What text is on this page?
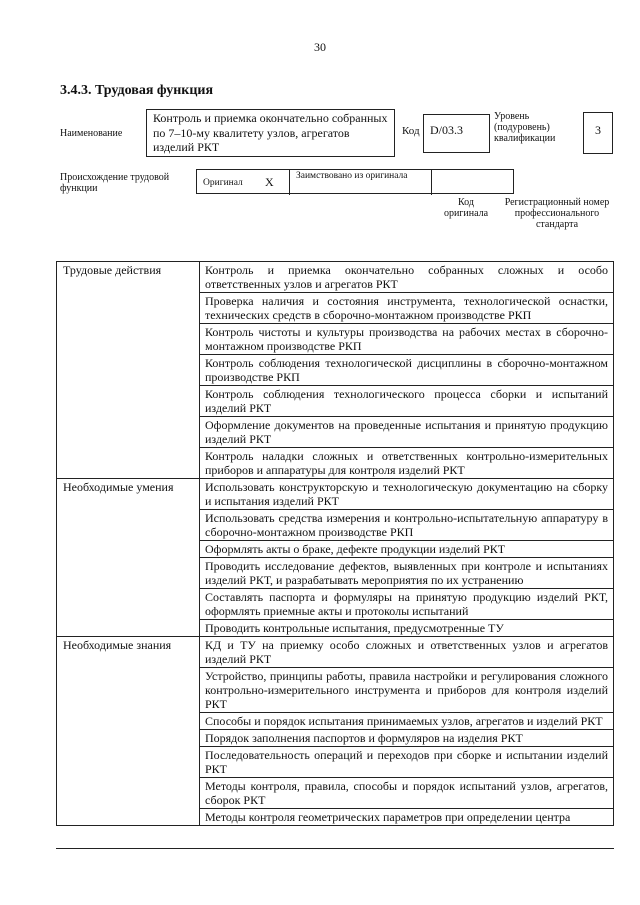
30
3.4.3. Трудовая функция
Наименование
Контроль и приемка окончательно собранных по 7–10-му квалитету узлов, агрегатов изделий РКТ
Код D/03.3
Уровень (подуровень) квалификации
3
Происхождение трудовой функции	Оригинал X Заимствовано из оригинала
Код оригинала
Регистрационный номер профессионального стандарта
Трудовые действия	Контроль и приемка окончательно собранных сложных и особо ответственных узлов и агрегатов РКТ
	Проверка наличия и состояния инструмента, технологической оснастки, технических средств в сборочно-монтажном производстве РКП
	Контроль чистоты и культуры производства на рабочих местах в сборочно-монтажном производстве РКП
	Контроль соблюдения технологической дисциплины в сборочно-монтажном производстве РКП
	Контроль соблюдения технологического процесса сборки и испытаний изделий РКТ
	Оформление документов на проведенные испытания и принятую продукцию изделий РКТ
	Контроль наладки сложных и ответственных контрольно-измерительных приборов и аппаратуры для контроля изделий РКТ
Необходимые умения	Использовать конструкторскую и технологическую документацию на сборку и испытания изделий РКТ
	Использовать средства измерения и контрольно-испытательную аппаратуру в сборочно-монтажном производстве РКП
	Оформлять акты о браке, дефекте продукции изделий РКТ
	Проводить исследование дефектов, выявленных при контроле и испытаниях изделий РКТ, и разрабатывать мероприятия по их устранению
	Составлять паспорта и формуляры на принятую продукцию изделий РКТ, оформлять приемные акты и протоколы испытаний
	Проводить контрольные испытания, предусмотренные ТУ
Необходимые знания	КД и ТУ на приемку особо сложных и ответственных узлов и агрегатов изделий РКТ
	Устройство, принципы работы, правила настройки и регулирования сложного контрольно-измерительного инструмента и приборов для контроля изделий РКТ
	Способы и порядок испытания принимаемых узлов, агрегатов и изделий РКТ
	Порядок заполнения паспортов и формуляров на изделия РКТ
	Последовательность операций и переходов при сборке и испытании изделий РКТ
	Методы контроля, правила, способы и порядок испытаний узлов, агрегатов, сборок РКТ
	Методы контроля геометрических параметров при определении центра
